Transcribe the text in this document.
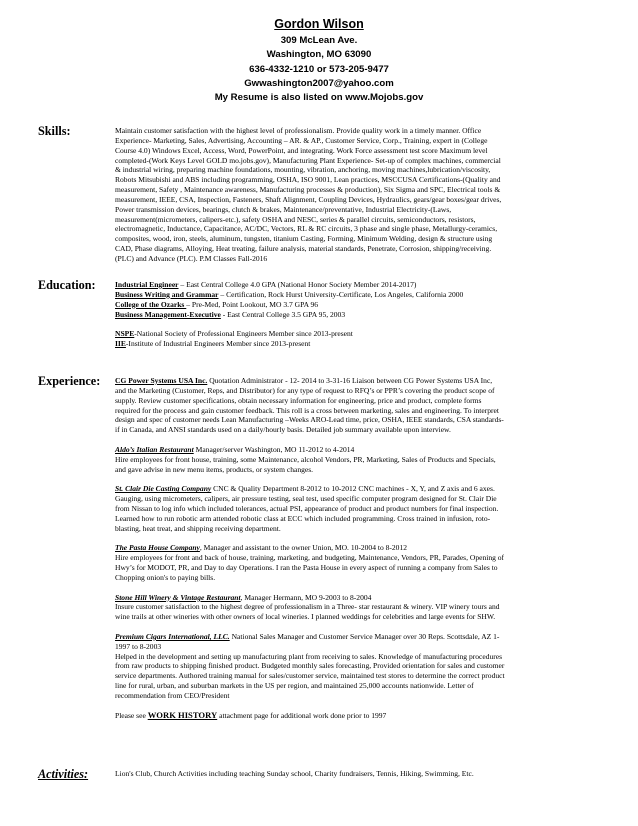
Gordon Wilson
309 McLean Ave.
Washington, MO 63090
636-4332-1210 or 573-205-9477
Gwwashington2007@yahoo.com
My Resume is also listed on www.Mojobs.gov
Skills:	Maintain customer satisfaction with the highest level of professionalism. Provide quality work in a timely manner. Office
Experience- Marketing, Sales, Advertising, Accounting – AR. & AP., Customer Service, Corp., Training, expert in (College
Course 4.0) Windows Excel, Access, Word, PowerPoint, and integrating. Work Force assessment test score Maximum level
completed-(Work Keys Level GOLD mo.jobs.gov), Manufacturing Plant Experience- Set-up of complex machines, commercial
& industrial wiring, preparing machine foundations, mounting, vibration, anchoring, moving machines,lubrication/viscosity,
Robots Mitsubishi and ABS including programming, OSHA, ISO 9001, Lean practices, MSCCUSA Certifications-(Quality and
measurement, Safety , Maintenance awareness, Manufacturing processes & production), Six Sigma and SPC, Electrical tools &
measurement, IEEE, CSA, Inspection, Fasteners, Shaft Alignment, Coupling Devices, Hydraulics, gears/gear boxes/gear drives,
Power transmission devices, bearings, clutch & brakes, Maintenance/preventative, Industrial Electricity-(Laws,
measurement(micrometers, calipers-etc.), safety OSHA and NESC, series & parallel circuits, semiconductors, resistors,
electromagnetic, Inductance, Capacitance, AC/DC, Vectors, RL & RC circuits, 3 phase and single phase, Metallurgy-ceramics,
composites, wood, iron, steels, aluminum, tungsten, titanium Casting, Forming, Minimum Welding, design & structure using
CAD, Phase diagrams, Alloying, Heat treating, failure analysis, material standards, Penetrate, Corrosion, shipping/receiving.
(PLC) and Advance (PLC). P.M Classes Fall-2016
Education:	Industrial Engineer – East Central College 4.0 GPA (National Honor Society Member 2014-2017)
Business Writing and Grammar – Certification, Rock Hurst University-Certificate, Los Angeles, California 2000
College of the Ozarks – Pre-Med, Point Lookout, MO 3.7 GPA 96
Business Management-Executive - East Central College 3.5 GPA 95, 2003
NSPE-National Society of Professional Engineers Member since 2013-present
IIE-Institute of Industrial Engineers Member since 2013-present
Experience: CG Power Systems USA Inc. Quotation Administrator - 12- 2014 to 3-31-16 Liaison between CG Power Systems USA Inc,
and the Marketing (Customer, Reps, and Distributor) for any type of request to RFQ’s or PPR’s covering the product scope of
supply. Review customer specifications, obtain necessary information for engineering, price and product, complete forms
required for the process and gain customer feedback. This roll is a cross between marketing, sales and engineering. To interpret
design and spec of customer needs Lean Manufacturing –Weeks ARO-Lead time, price, OSHA, IEEE standards, CSA standards-
if in Canada, and ANSI standards used on a daily/hourly basis. Detailed job summary available upon interview.
Aldo’s Italian Restaurant Manager/server Washington, MO 11-2012 to 4-2014
Hire employees for front house, training, some Maintenance, alcohol Vendors, PR, Marketing, Sales of Products and Specials,
and gave advise in new menu items, products, or system changes.
St. Clair Die Casting Company CNC & Quality Department 8-2012 to 10-2012 CNC machines - X, Y, and Z axis and 6 axes.
Gauging, using micrometers, calipers, air pressure testing, seal test, used specific computer program designed for St. Clair Die
from Nissan to log info which included tolerances, actual PSI, appearance of product and product numbers for final inspection.
Learned how to run robotic arm attended robotic class at ECC which included programming. Cross trained in infusion, roto-
blasting, heat treat, and shipping receiving department.
The Pasta House Company, Manager and assistant to the owner Union, MO. 10-2004 to 8-2012
Hire employees for front and back of house, training, marketing, and budgeting, Maintenance, Vendors, PR, Parades, Opening of
Hwy’s for MODOT, PR, and Day to day Operations. I ran the Pasta House in every aspect of running a company from Sales to
Chopping onion's to paying bills.
Stone Hill Winery & Vintage Restaurant, Manager Hermann, MO 9-2003 to 8-2004
Insure customer satisfaction to the highest degree of professionalism in a Three- star restaurant & winery. VIP winery tours and
wine trails at other wineries with other owners of local wineries. I planned weddings for celebrities and large events for SHW.
Premium Cigars International, LLC. National Sales Manager and Customer Service Manager over 30 Reps. Scottsdale, AZ 1-
1997 to 8-2003
Helped in the development and setting up manufacturing plant from receiving to sales. Knowledge of manufacturing procedures
from raw products to shipping finished product. Budgeted monthly sales forecasting, Provided orientation for sales and customer
service departments. Authored training manual for sales/customer service, maintained test stores to determine the correct product
line for rural, urban, and suburban markets in the US per region, and maintained 25,000 accounts nationwide. Letter of
recommendation from CEO/President
Please see WORK HISTORY attachment page for additional work done prior to 1997
Activities:	Lion's Club, Church Activities including teaching Sunday school, Charity fundraisers, Tennis, Hiking, Swimming, Etc.
